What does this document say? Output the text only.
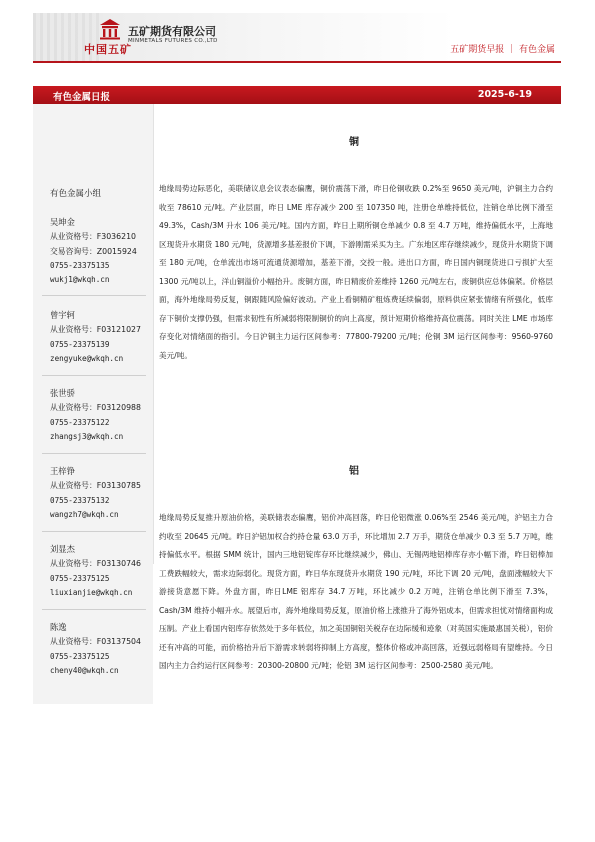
中国五矿
五矿期货有限公司
MINMETALS FUTURES CO.,LTD
五矿期货早报 ｜ 有色金属
有色金属日报	2025-6-19
有色金属小组
吴坤金
从业资格号：F3036210
交易咨询号：Z0015924
0755-23375135
wukj1@wkqh.cn
曾宇轲
从业资格号：F03121027
0755-23375139
zengyuke@wkqh.cn
张世骄
从业资格号：F03120988
0755-23375122
zhangsj3@wkqh.cn
王梓铮
从业资格号：F03130785
0755-23375132
wangzh7@wkqh.cn
刘显杰
从业资格号：F03130746
0755-23375125
liuxianjie@wkqh.cn
陈逸
从业资格号：F03137504
0755-23375125
cheny40@wkqh.cn
铜
地缘局势边际恶化，美联储议息会议表态偏鹰，铜价震荡下滑，昨日伦铜收跌 0.2%至 9650 美元/吨，沪铜主力合约收至 78610 元/吨。产业层面，昨日 LME 库存减少 200 至 107350 吨，注册仓单维持低位，注销仓单比例下滑至 49.3%，Cash/3M 升水 106 美元/吨。国内方面，昨日上期所铜仓单减少 0.8 至 4.7 万吨，维持偏低水平，上海地区现货升水期货 180 元/吨，货源增多基差报价下调，下游刚需采买为主。广东地区库存继续减少，现货升水期货下调至 180 元/吨，仓单流出市场可流通货源增加，基差下滑，交投一般。进出口方面，昨日国内铜现货进口亏损扩大至 1300 元/吨以上，洋山铜溢价小幅抬升。废铜方面，昨日精废价差维持 1260 元/吨左右，废铜供应总体偏紧。价格层面，海外地缘局势反复，铜跟随风险偏好波动。产业上看铜精矿粗炼费延续偏弱，原料供应紧张情绪有所强化，低库存下铜价支撑仍强，但需求韧性有所减弱将限制铜价的向上高度，预计短期价格维持高位震荡。同时关注 LME 市场库存变化对情绪面的指引。今日沪铜主力运行区间参考：77800-79200 元/吨；伦铜 3M 运行区间参考：9560-9760 美元/吨。
铝
地缘局势反复推升原油价格，美联储表态偏鹰，铝价冲高回落，昨日伦铝微涨 0.06%至 2546 美元/吨，沪铝主力合约收至 20645 元/吨。昨日沪铝加权合约持仓量 63.0 万手，环比增加 2.7 万手，期货仓单减少 0.3 至 5.7 万吨，维持偏低水平。根据 SMM 统计，国内三地铝锭库存环比继续减少，佛山、无锡两地铝棒库存亦小幅下滑，昨日铝棒加工费跌幅较大，需求边际弱化。现货方面，昨日华东现货升水期货 190 元/吨，环比下调 20 元/吨，盘面涨幅较大下游接货意愿下降。外盘方面，昨日LME 铝库存 34.7 万吨，环比减少 0.2 万吨，注销仓单比例下滑至 7.3%，Cash/3M 维持小幅升水。展望后市，海外地缘局势反复，原油价格上涨推升了海外铝成本，但需求担忧对情绪面构成压制。产业上看国内铝库存依然处于多年低位，加之美国铜铝关税存在边际缓和迹象（对英国实施最惠国关税），铝价还有冲高的可能，而价格抬升后下游需求转弱将抑制上方高度，整体价格或冲高回落，近强远弱格局有望维持。今日国内主力合约运行区间参考：20300-20800 元/吨；伦铝 3M 运行区间参考：2500-2580 美元/吨。
